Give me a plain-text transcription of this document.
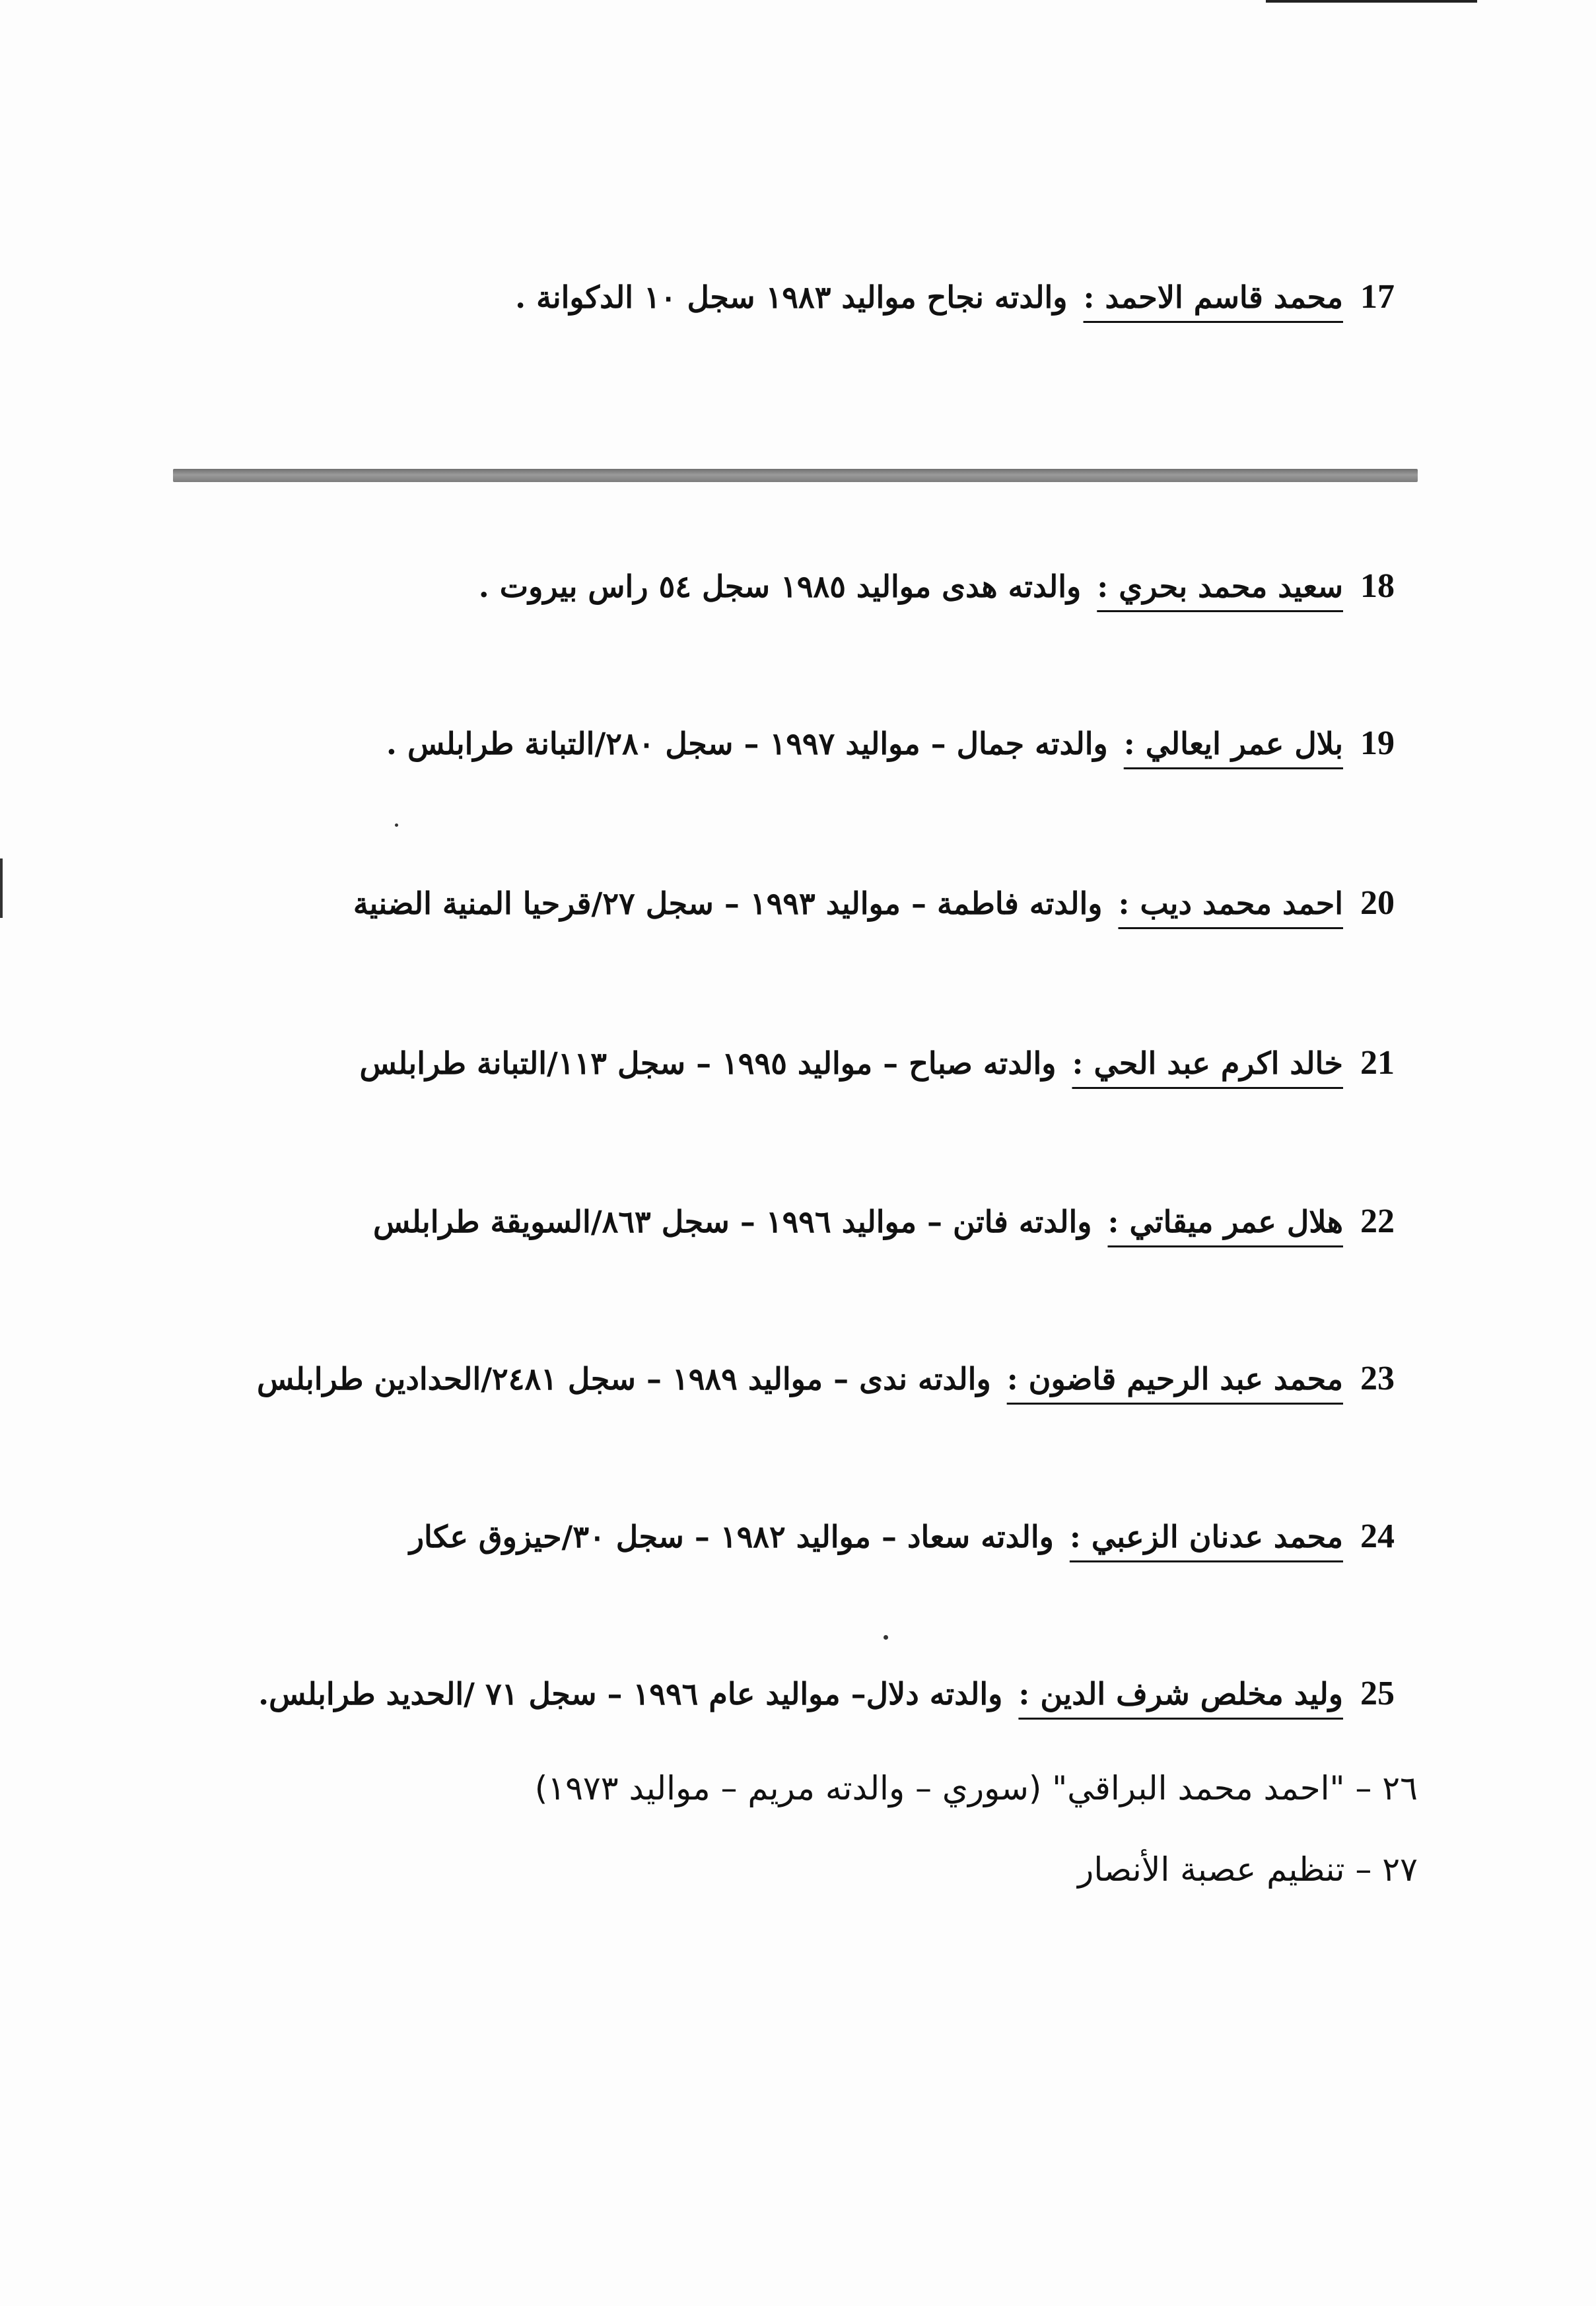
17محمد قاسم الاحمد : والدته نجاح مواليد ١٩٨٣ سجل ١٠ الدكوانة .
18سعيد محمد بحري : والدته هدى مواليد ١٩٨٥ سجل ٥٤ راس بيروت .
19بلال عمر ايعالي : والدته جمال – مواليد ١٩٩٧ – سجل ٢٨٠/التبانة طرابلس .
20احمد محمد ديب : والدته فاطمة – مواليد ١٩٩٣ – سجل ٢٧/قرحيا المنية الضنية
21خالد اكرم عبد الحي : والدته صباح – مواليد ١٩٩٥ – سجل ١١٣/التبانة طرابلس
22هلال عمر ميقاتي : والدته فاتن – مواليد ١٩٩٦ – سجل ٨٦٣/السويقة طرابلس
23محمد عبد الرحيم قاضون : والدته ندى – مواليد ١٩٨٩ – سجل ٢٤٨١/الحدادين طرابلس
24محمد عدنان الزعبي : والدته سعاد – مواليد ١٩٨٢ – سجل ٣٠/حيزوق عكار
25وليد مخلص شرف الدين : والدته دلال– مواليد عام ١٩٩٦ – سجل ٧١ /الحديد طرابلس.
٢٦ – "احمد محمد البراقي" (سوري – والدته مريم – مواليد ١٩٧٣)
٢٧ – تنظيم عصبة الأنصار
